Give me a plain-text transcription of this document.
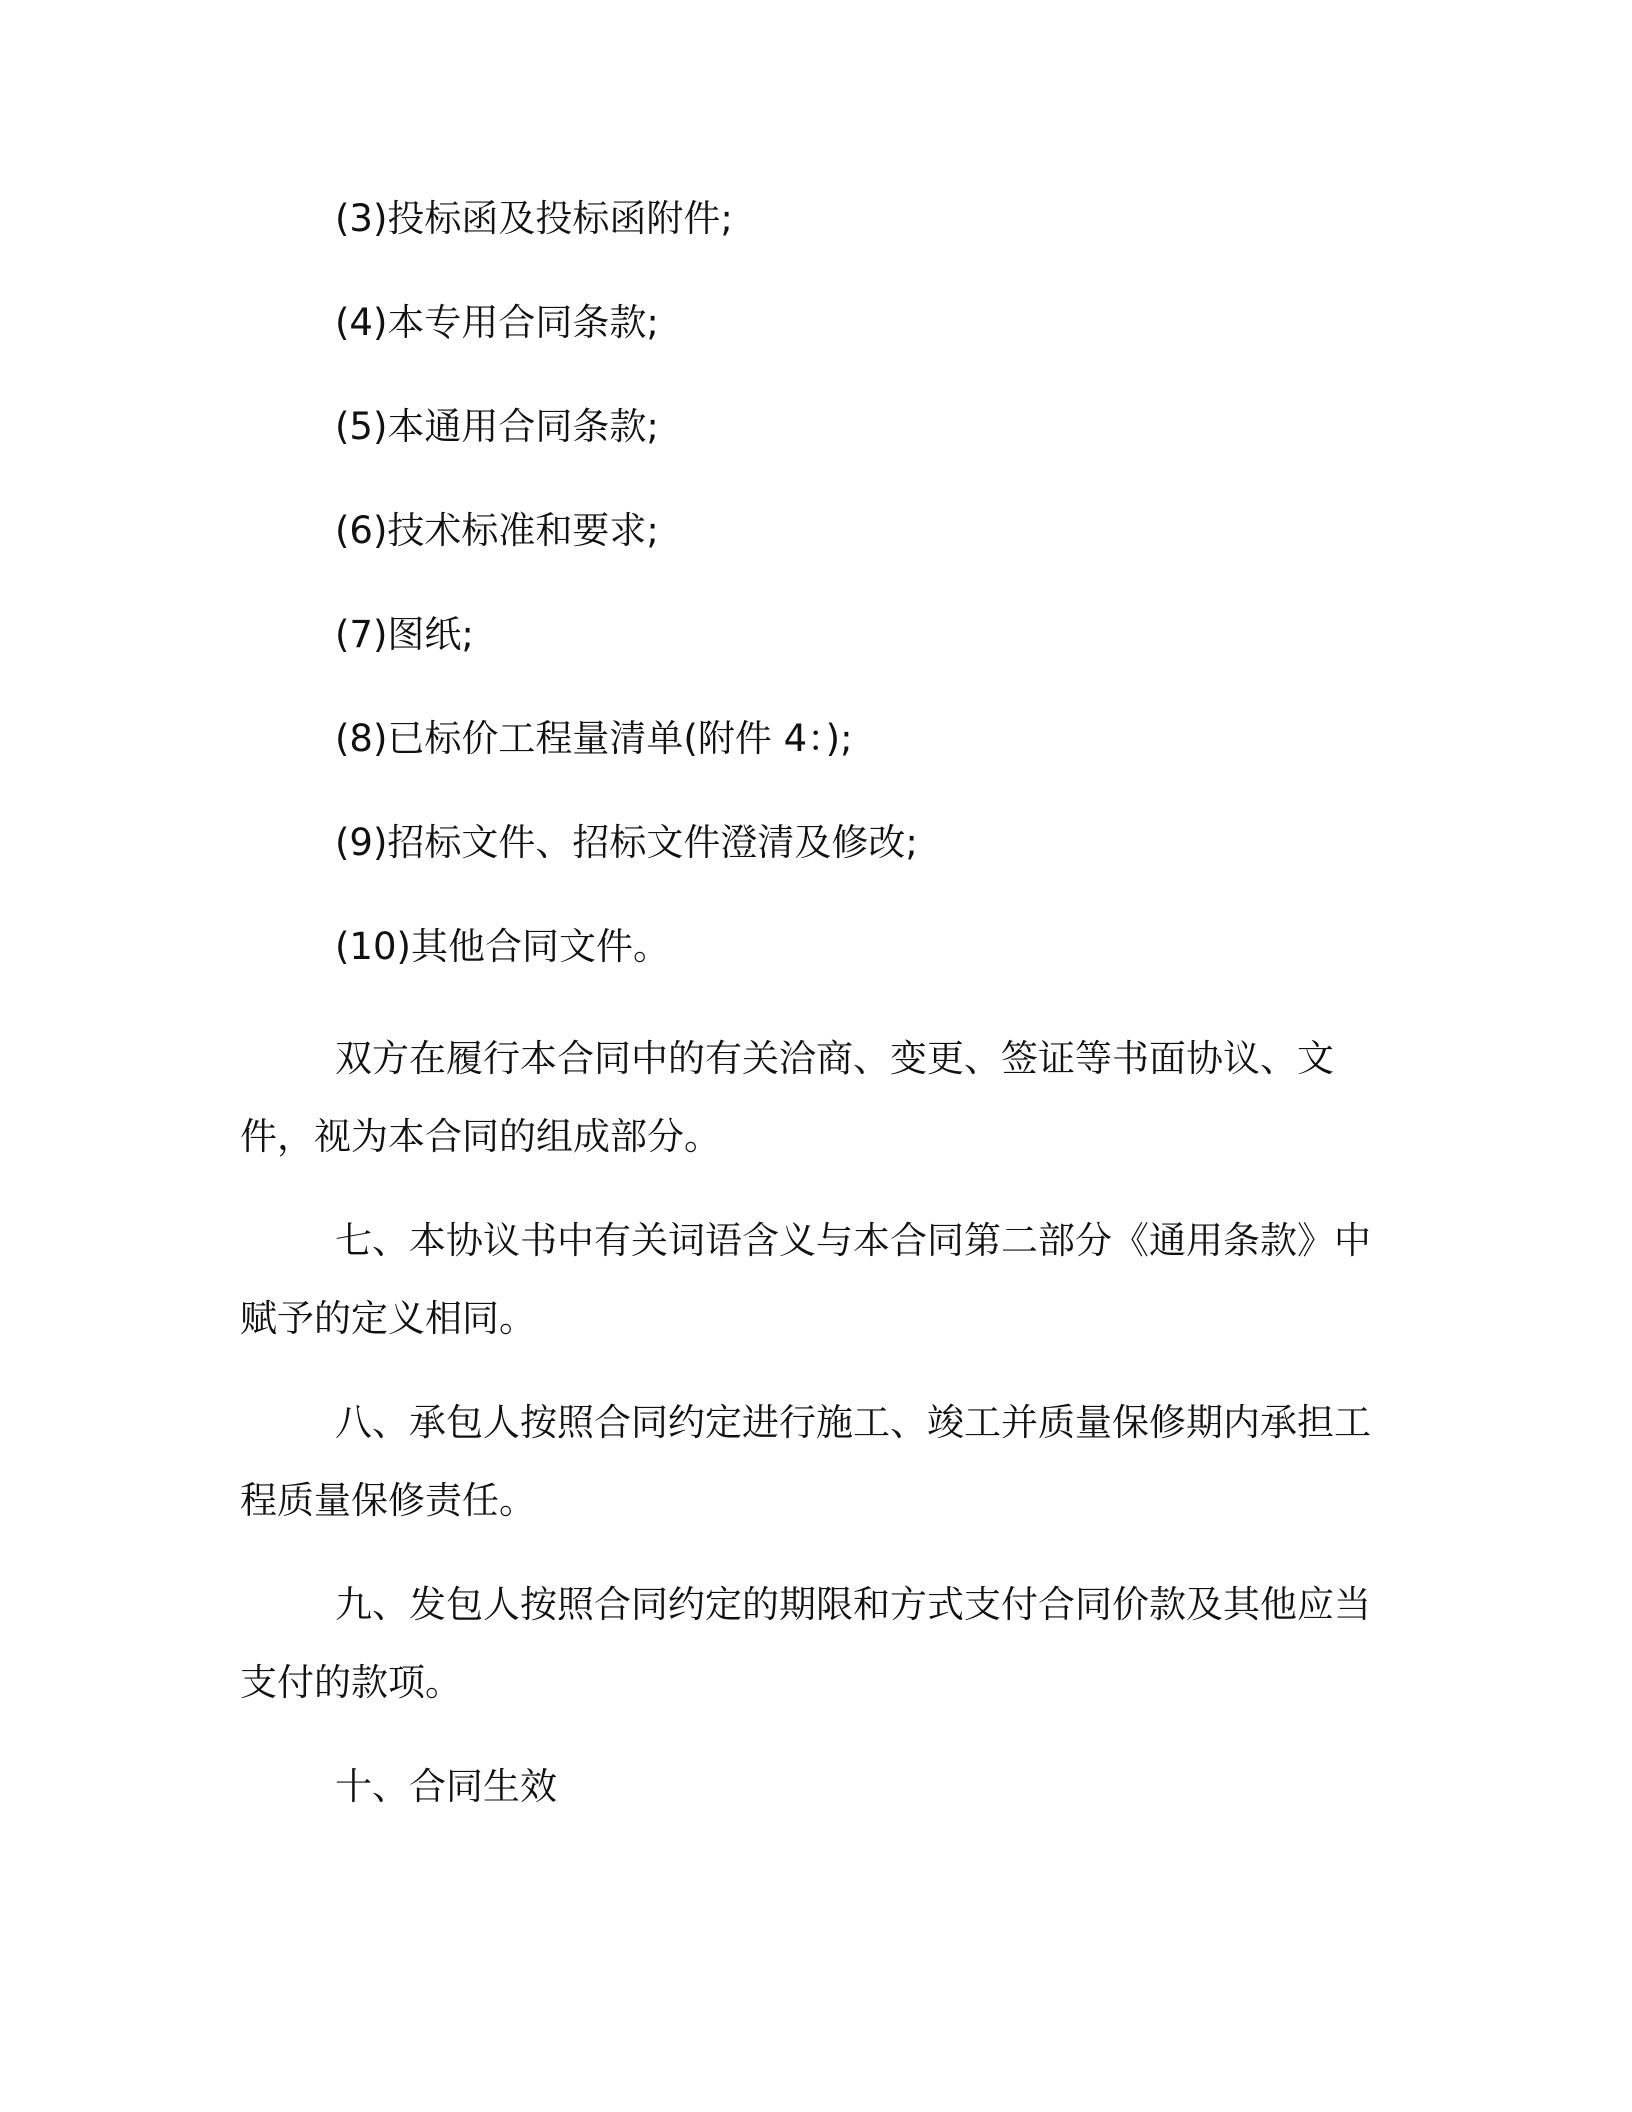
(3)投标函及投标函附件;
(4)本专用合同条款;
(5)本通用合同条款;
(6)技术标准和要求;
(7)图纸;
(8)已标价工程量清单(附件 4：);
(9)招标文件、招标文件澄清及修改;
(10)其他合同文件。

双方在履行本合同中的有关洽商、变更、签证等书面协议、文件，视为本合同的组成部分。

七、本协议书中有关词语含义与本合同第二部分《通用条款》中赋予的定义相同。

八、承包人按照合同约定进行施工、竣工并质量保修期内承担工程质量保修责任。

九、发包人按照合同约定的期限和方式支付合同价款及其他应当支付的款项。

十、合同生效
